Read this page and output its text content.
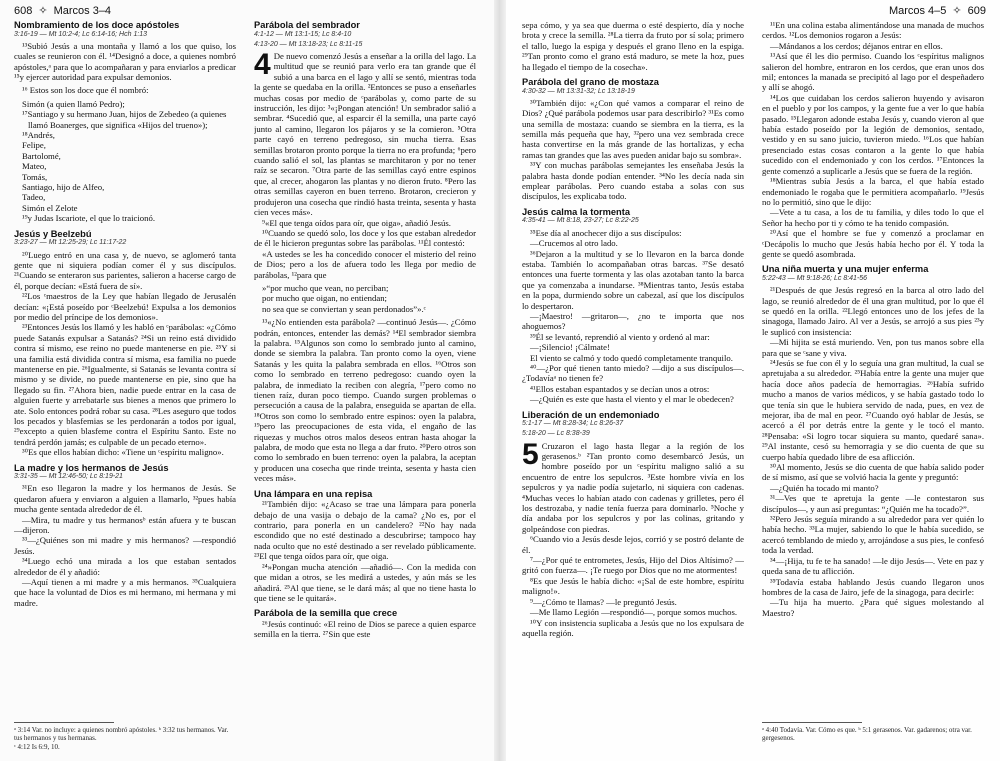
608 ✧ Marcos 3–4
Nombramiento de los doce apóstoles
3:16-19 — Mt 10:2-4; Lc 6:14-16; Hch 1:13

¹³Subió Jesús a una montaña y llamó a los que quiso, los cuales se reunieron con él. ¹⁴Designó a doce, a quienes nombró apóstoles,ᵃ para que lo acompañaran y para enviarlos a predicar ¹⁵y ejercer autoridad para expulsar demonios.

¹⁶ Estos son los doce que él nombró:

Simón (a quien llamó Pedro);
¹⁷Santiago y su hermano Juan, hijos de Zebedeo (a quienes llamó Boanerges, que significa «Hijos del trueno»);
¹⁸Andrés,
Felipe,
Bartolomé,
Mateo,
Tomás,
Santiago, hijo de Alfeo,
Tadeo,
Simón el Zelote
¹⁹y Judas Iscariote, el que lo traicionó.
Jesús y Beelzebú
3:23-27 — Mt 12:25-29; Lc 11:17-22

²⁰Luego entró en una casa y, de nuevo, se aglomeró tanta gente que ni siquiera podían comer él y sus discípulos. ²¹Cuando se enteraron sus parientes, salieron a hacerse cargo de él, porque decían: «Está fuera de sí».

²²Los ᶜmaestros de la Ley que habían llegado de Jerusalén decían: «¡Está poseído por ᶜBeelzebú! Expulsa a los demonios por medio del príncipe de los demonios».

²³Entonces Jesús los llamó y les habló en ᶜparábolas: «¿Cómo puede Satanás expulsar a Satanás? ²⁴Si un reino está dividido contra sí mismo, ese reino no puede mantenerse en pie. ²⁵Y si una familia está dividida contra sí misma, esa familia no puede mantenerse en pie. ²⁶Igualmente, si Satanás se levanta contra sí mismo y se divide, no puede mantenerse en pie, sino que ha llegado su fin. ²⁷Ahora bien, nadie puede entrar en la casa de alguien fuerte y arrebatarle sus bienes a menos que primero lo ate. Solo entonces podrá robar su casa. ²⁸Les aseguro que todos los pecados y blasfemias se les perdonarán a todos por igual, ²⁹excepto a quien blasfeme contra el Espíritu Santo. Este no tendrá perdón jamás; es culpable de un pecado eterno».

³⁰Es que ellos habían dicho: «Tiene un ᶜespíritu maligno».

La madre y los hermanos de Jesús
3:31-35 — Mt 12:46-50; Lc 8:19-21

³¹En eso llegaron la madre y los hermanos de Jesús. Se quedaron afuera y enviaron a alguien a llamarlo, ³²pues había mucha gente sentada alrededor de él.

—Mira, tu madre y tus hermanosᵇ están afuera y te buscan —dijeron.

³³—¿Quiénes son mi madre y mis hermanos? —respondió Jesús.

³⁴Luego echó una mirada a los que estaban sentados alrededor de él y añadió:

—Aquí tienen a mi madre y a mis hermanos. ³⁵Cualquiera que hace la voluntad de Dios es mi hermano, mi hermana y mi madre.

Parábola del sembrador
4:1-12 — Mt 13:1-15; Lc 8:4-10
4:13-20 — Mt 13:18-23; Lc 8:11-15

4 De nuevo comenzó Jesús a enseñar a la orilla del lago. La multitud que se reunió para verlo era tan grande que él subió a una barca en el lago y allí se sentó, mientras toda la gente se quedaba en la orilla. ²Entonces se puso a enseñarles muchas cosas por medio de ᶜparábolas y, como parte de su instrucción, les dijo: ³«¡Pongan atención! Un sembrador salió a sembrar. ⁴Sucedió que, al esparcir él la semilla, una parte cayó junto al camino, llegaron los pájaros y se la comieron. ⁵Otra parte cayó en terreno pedregoso, sin mucha tierra. Esas semillas brotaron pronto porque la tierra no era profunda; ⁶pero cuando salió el sol, las plantas se marchitaron y por no tener raíz se secaron. ⁷Otra parte de las semillas cayó entre espinos que, al crecer, ahogaron las plantas y no dieron fruto. ⁸Pero las otras semillas cayeron en buen terreno. Brotaron, crecieron y produjeron una cosecha que rindió hasta treinta, sesenta y hasta cien veces más».

⁹«El que tenga oídos para oír, que oiga», añadió Jesús.

¹⁰Cuando se quedó solo, los doce y los que estaban alrededor de él le hicieron preguntas sobre las parábolas. ¹¹Él contestó:

«A ustedes se les ha concedido conocer el misterio del reino de Dios; pero a los de afuera todo les llega por medio de parábolas, ¹²para que

»“por mucho que vean, no perciban;
por mucho que oigan, no entiendan;
no sea que se conviertan y sean perdonados”».ᶜ

¹³«¿No entienden esta parábola? —continuó Jesús—. ¿Cómo podrán, entonces, entender las demás? ¹⁴El sembrador siembra la palabra. ¹⁵Algunos son como lo sembrado junto al camino, donde se siembra la palabra. Tan pronto como la oyen, viene Satanás y les quita la palabra sembrada en ellos. ¹⁶Otros son como lo sembrado en terreno pedregoso: cuando oyen la palabra, de inmediato la reciben con alegría, ¹⁷pero como no tienen raíz, duran poco tiempo. Cuando surgen problemas o persecución a causa de la palabra, enseguida se apartan de ella. ¹⁸Otros son como lo sembrado entre espinos: oyen la palabra, ¹⁹pero las preocupaciones de esta vida, el engaño de las riquezas y muchos otros malos deseos entran hasta ahogar la palabra, de modo que esta no llega a dar fruto. ²⁰Pero otros son como lo sembrado en buen terreno: oyen la palabra, la aceptan y producen una cosecha que rinde treinta, sesenta y hasta cien veces más».

Una lámpara en una repisa

²¹También dijo: «¿Acaso se trae una lámpara para ponerla debajo de una vasija o debajo de la cama? ¿No es, por el contrario, para ponerla en un candelero? ²²No hay nada escondido que no esté destinado a descubrirse; tampoco hay nada oculto que no esté destinado a ser revelado públicamente. ²³El que tenga oídos para oír, que oiga.

²⁴»Pongan mucha atención —añadió—. Con la medida con que midan a otros, se les medirá a ustedes, y aún más se les añadirá. ²⁵Al que tiene, se le dará más; al que no tiene hasta lo que tiene se le quitará».

Parábola de la semilla que crece

²⁶Jesús continuó: «El reino de Dios se parece a quien esparce semilla en la tierra. ²⁷Sin que este

ᵃ 3:14 Var. no incluye: a quienes nombró apóstoles. ᵇ 3:32 tus hermanos. Var. tus hermanos y tus hermanas.
ᶜ 4:12 Is 6:9, 10.
Marcos 4–5 ✧ 609

sepa cómo, y ya sea que duerma o esté despierto, día y noche brota y crece la semilla. ²⁸La tierra da fruto por sí sola; primero el tallo, luego la espiga y después el grano lleno en la espiga. ²⁹Tan pronto como el grano está maduro, se mete la hoz, pues ha llegado el tiempo de la cosecha».

Parábola del grano de mostaza
4:30-32 — Mt 13:31-32; Lc 13:18-19

³⁰También dijo: «¿Con qué vamos a comparar el reino de Dios? ¿Qué parábola podemos usar para describirlo? ³¹Es como una semilla de mostaza: cuando se siembra en la tierra, es la semilla más pequeña que hay, ³²pero una vez sembrada crece hasta convertirse en la más grande de las hortalizas, y echa ramas tan grandes que las aves pueden anidar bajo su sombra».

³³Y con muchas parábolas semejantes les enseñaba Jesús la palabra hasta donde podían entender. ³⁴No les decía nada sin emplear parábolas. Pero cuando estaba a solas con sus discípulos, les explicaba todo.

Jesús calma la tormenta
4:35-41 — Mt 8:18, 23-27; Lc 8:22-25

³⁵Ese día al anochecer dijo a sus discípulos:

—Crucemos al otro lado.

³⁶Dejaron a la multitud y se lo llevaron en la barca donde estaba. También lo acompañaban otras barcas. ³⁷Se desató entonces una fuerte tormenta y las olas azotaban tanto la barca que ya comenzaba a inundarse. ³⁸Mientras tanto, Jesús estaba en la popa, durmiendo sobre un cabezal, así que los discípulos lo despertaron.

—¡Maestro! —gritaron—, ¿no te importa que nos ahoguemos?

³⁹Él se levantó, reprendió al viento y ordenó al mar:

—¡Silencio! ¡Cálmate!

El viento se calmó y todo quedó completamente tranquilo.

⁴⁰—¿Por qué tienen tanto miedo? —dijo a sus discípulos—. ¿Todavíaᵃ no tienen fe?

⁴¹Ellos estaban espantados y se decían unos a otros:

—¿Quién es este que hasta el viento y el mar le obedecen?

Liberación de un endemoniado
5:1-17 — Mt 8:28-34; Lc 8:26-37
5:18-20 — Lc 8:38-39

5 Cruzaron el lago hasta llegar a la región de los gerasenos.ᵇ ²Tan pronto como desembarcó Jesús, un hombre poseído por un ᶜespíritu maligno salió a su encuentro de entre los sepulcros. ³Este hombre vivía en los sepulcros y ya nadie podía sujetarlo, ni siquiera con cadenas. ⁴Muchas veces lo habían atado con cadenas y grilletes, pero él los destrozaba, y nadie tenía fuerza para dominarlo. ⁵Noche y día andaba por los sepulcros y por las colinas, gritando y golpeándose con piedras.

⁶Cuando vio a Jesús desde lejos, corrió y se postró delante de él.

⁷—¿Por qué te entrometes, Jesús, Hijo del Dios Altísimo? —gritó con fuerza—. ¡Te ruego por Dios que no me atormentes!

⁸Es que Jesús le había dicho: «¡Sal de este hombre, espíritu maligno!».

⁹—¿Cómo te llamas? —le preguntó Jesús.

—Me llamo Legión —respondió—, porque somos muchos.

¹⁰Y con insistencia suplicaba a Jesús que no los expulsara de aquella región.

¹¹En una colina estaba alimentándose una manada de muchos cerdos. ¹²Los demonios rogaron a Jesús:

—Mándanos a los cerdos; déjanos entrar en ellos.

¹³Así que él les dio permiso. Cuando los ᶜespíritus malignos salieron del hombre, entraron en los cerdos, que eran unos dos mil; entonces la manada se precipitó al lago por el despeñadero y allí se ahogó.

¹⁴Los que cuidaban los cerdos salieron huyendo y avisaron en el pueblo y por los campos, y la gente fue a ver lo que había pasado. ¹⁵Llegaron adonde estaba Jesús y, cuando vieron al que había estado poseído por la legión de demonios, sentado, vestido y en su sano juicio, tuvieron miedo. ¹⁶Los que habían presenciado estas cosas contaron a la gente lo que había sucedido con el endemoniado y con los cerdos. ¹⁷Entonces la gente comenzó a suplicarle a Jesús que se fuera de la región.

¹⁸Mientras subía Jesús a la barca, el que había estado endemoniado le rogaba que le permitiera acompañarlo. ¹⁹Jesús no lo permitió, sino que le dijo:

—Vete a tu casa, a los de tu familia, y diles todo lo que el Señor ha hecho por ti y cómo te ha tenido compasión.

²⁰Así que el hombre se fue y comenzó a proclamar en ᶜDecápolis lo mucho que Jesús había hecho por él. Y toda la gente se quedó asombrada.

Una niña muerta y una mujer enferma
5:22-43 — Mt 9:18-26; Lc 8:41-56

²¹Después de que Jesús regresó en la barca al otro lado del lago, se reunió alrededor de él una gran multitud, por lo que él se quedó en la orilla. ²²Llegó entonces uno de los jefes de la sinagoga, llamado Jairo. Al ver a Jesús, se arrojó a sus pies ²³y le suplicó con insistencia:

—Mi hijita se está muriendo. Ven, pon tus manos sobre ella para que se ᶜsane y viva.

²⁴Jesús se fue con él y lo seguía una gran multitud, la cual se apretujaba a su alrededor. ²⁵Había entre la gente una mujer que hacía doce años padecía de hemorragias. ²⁶Había sufrido mucho a manos de varios médicos, y se había gastado todo lo que tenía sin que le hubiera servido de nada, pues, en vez de mejorar, iba de mal en peor. ²⁷Cuando oyó hablar de Jesús, se acercó a él por detrás entre la gente y le tocó el manto. ²⁸Pensaba: «Si logro tocar siquiera su manto, quedaré sana». ²⁹Al instante, cesó su hemorragia y se dio cuenta de que su cuerpo había quedado libre de esa aflicción.

³⁰Al momento, Jesús se dio cuenta de que había salido poder de sí mismo, así que se volvió hacia la gente y preguntó:

—¿Quién ha tocado mi manto?

³¹—Ves que te apretuja la gente —le contestaron sus discípulos—, y aun así preguntas: “¿Quién me ha tocado?”.

³²Pero Jesús seguía mirando a su alrededor para ver quién lo había hecho. ³³La mujer, sabiendo lo que le había sucedido, se acercó temblando de miedo y, arrojándose a sus pies, le confesó toda la verdad.

³⁴—¡Hija, tu fe te ha sanado! —le dijo Jesús—. Vete en paz y queda sana de tu aflicción.

³⁵Todavía estaba hablando Jesús cuando llegaron unos hombres de la casa de Jairo, jefe de la sinagoga, para decirle:

—Tu hija ha muerto. ¿Para qué sigues molestando al Maestro?

ᵃ 4:40 Todavía. Var. Cómo es que. ᵇ 5:1 gerasenos. Var. gadarenos; otra var. gergesenos.
